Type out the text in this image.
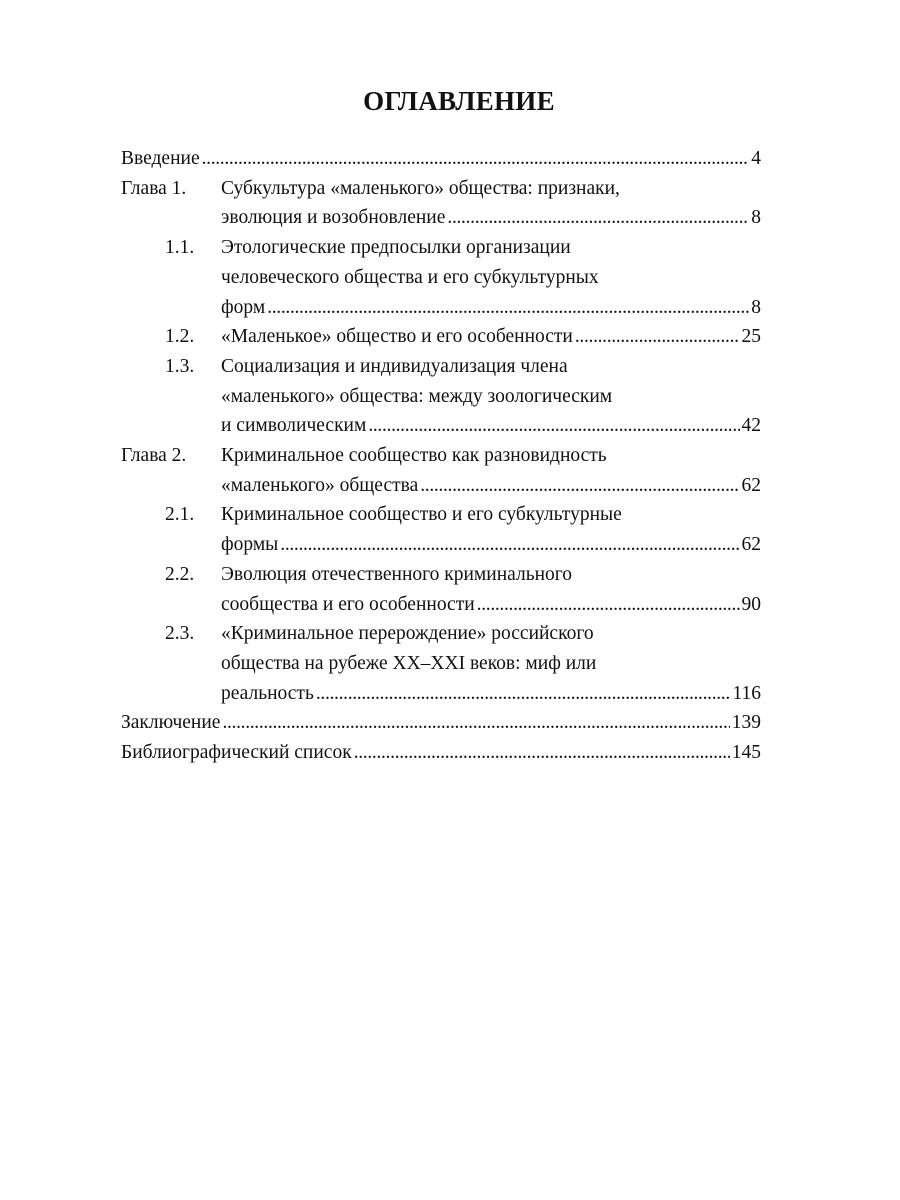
ОГЛАВЛЕНИЕ
Введение . . .	4
Глава 1. Субкультура «маленького» общества: признаки,
эволюция и возобновление . . .	8
1.1. Этологические предпосылки организации
человеческого общества и его субкультурных
форм . . .	8
1.2. «Маленькое» общество и его особенности . . .	25
1.3. Социализация и индивидуализация члена
«маленького» общества: между зоологическим
и символическим . . .	42
Глава 2. Криминальное сообщество как разновидность
«маленького» общества . . .	62
2.1. Криминальное сообщество и его субкультурные
формы . . .	62
2.2. Эволюция отечественного криминального
сообщества и его особенности . . .	90
2.3. «Криминальное перерождение» российского
общества на рубеже XX–XXI веков: миф или
реальность . . .	116
Заключение . . .	139
Библиографический список . . .	145
